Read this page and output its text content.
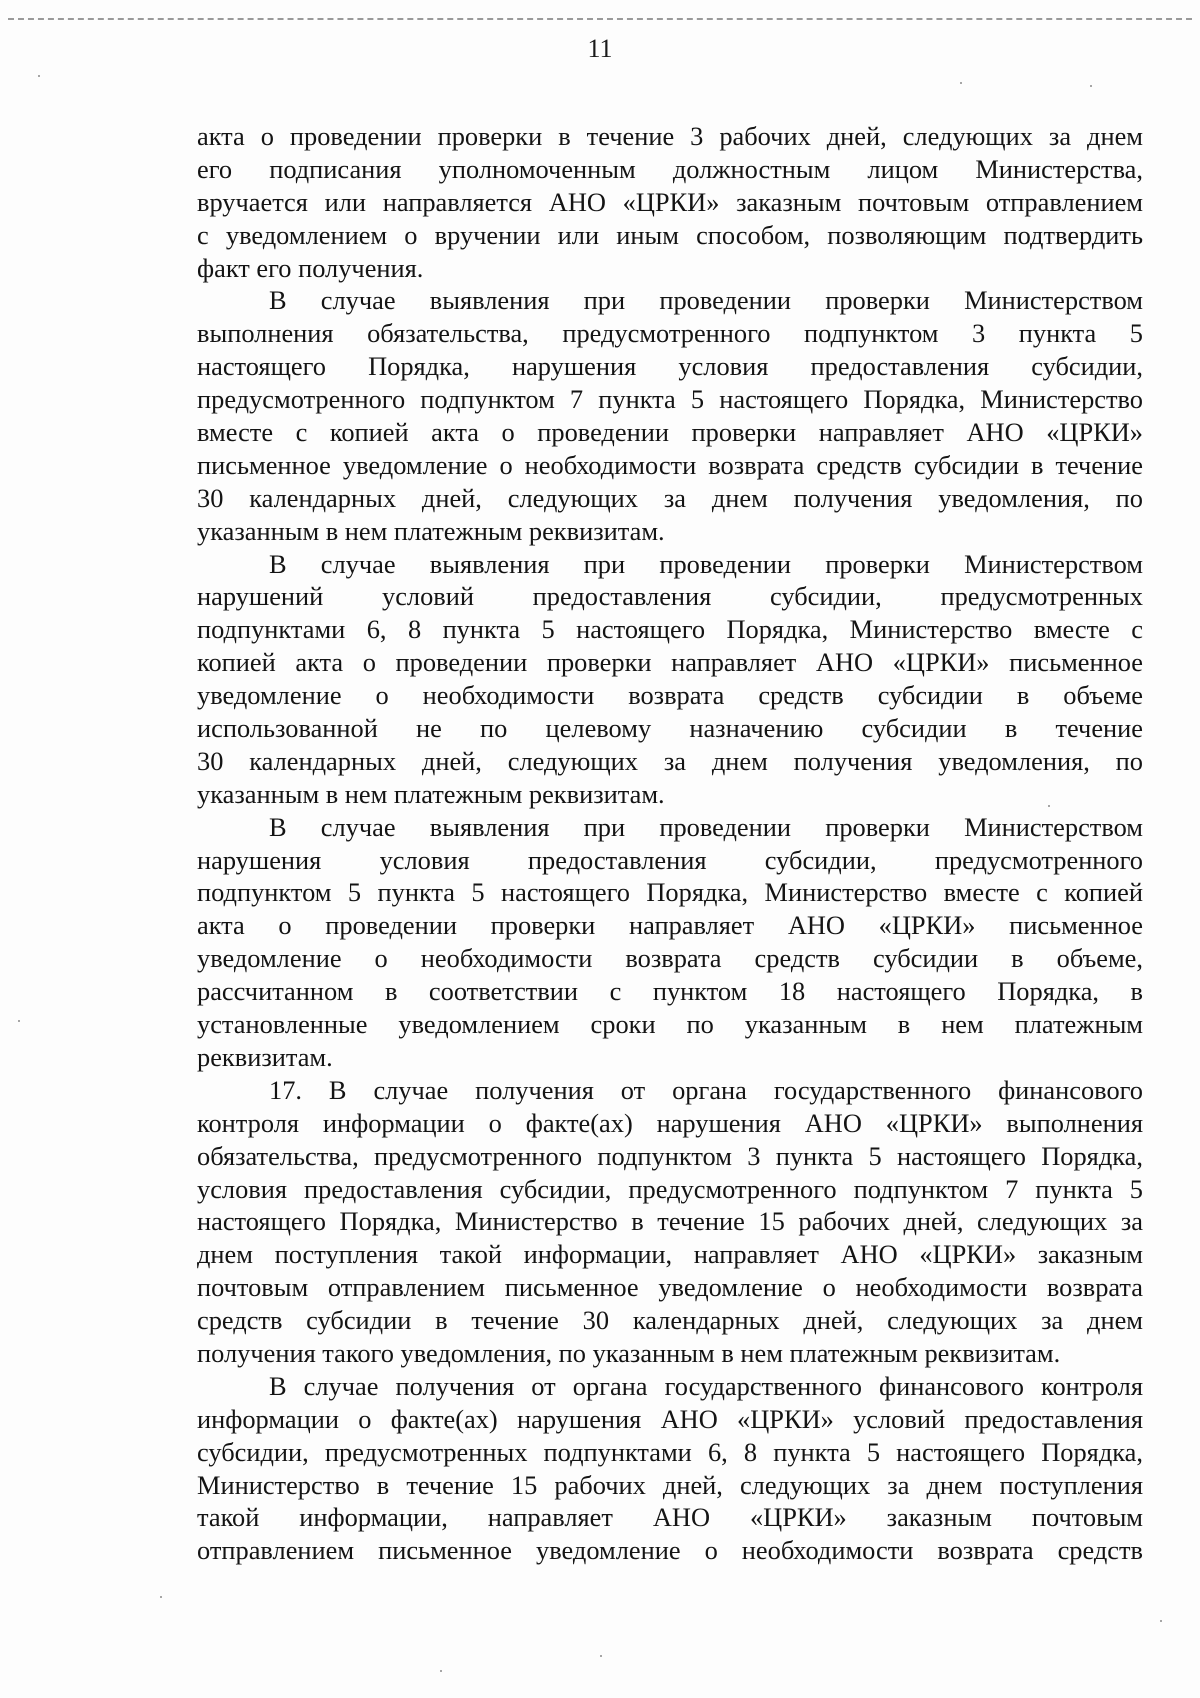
11
акта о проведении проверки в течение 3 рабочих дней, следующих за днем
его подписания уполномоченным должностным лицом Министерства,
вручается или направляется АНО «ЦРКИ» заказным почтовым отправлением
с уведомлением о вручении или иным способом, позволяющим подтвердить
факт его получения.
В случае выявления при проведении проверки Министерством
выполнения обязательства, предусмотренного подпунктом 3 пункта 5
настоящего Порядка, нарушения условия предоставления субсидии,
предусмотренного подпунктом 7 пункта 5 настоящего Порядка, Министерство
вместе с копией акта о проведении проверки направляет АНО «ЦРКИ»
письменное уведомление о необходимости возврата средств субсидии в течение
30 календарных дней, следующих за днем получения уведомления, по
указанным в нем платежным реквизитам.
В случае выявления при проведении проверки Министерством
нарушений условий предоставления субсидии, предусмотренных
подпунктами 6, 8 пункта 5 настоящего Порядка, Министерство вместе с
копией акта о проведении проверки направляет АНО «ЦРКИ» письменное
уведомление о необходимости возврата средств субсидии в объеме
использованной не по целевому назначению субсидии в течение
30 календарных дней, следующих за днем получения уведомления, по
указанным в нем платежным реквизитам.
В случае выявления при проведении проверки Министерством
нарушения условия предоставления субсидии, предусмотренного
подпунктом 5 пункта 5 настоящего Порядка, Министерство вместе с копией
акта о проведении проверки направляет АНО «ЦРКИ» письменное
уведомление о необходимости возврата средств субсидии в объеме,
рассчитанном в соответствии с пунктом 18 настоящего Порядка, в
установленные уведомлением сроки по указанным в нем платежным
реквизитам.
17. В случае получения от органа государственного финансового
контроля информации о факте(ах) нарушения АНО «ЦРКИ» выполнения
обязательства, предусмотренного подпунктом 3 пункта 5 настоящего Порядка,
условия предоставления субсидии, предусмотренного подпунктом 7 пункта 5
настоящего Порядка, Министерство в течение 15 рабочих дней, следующих за
днем поступления такой информации, направляет АНО «ЦРКИ» заказным
почтовым отправлением письменное уведомление о необходимости возврата
средств субсидии в течение 30 календарных дней, следующих за днем
получения такого уведомления, по указанным в нем платежным реквизитам.
В случае получения от органа государственного финансового контроля
информации о факте(ах) нарушения АНО «ЦРКИ» условий предоставления
субсидии, предусмотренных подпунктами 6, 8 пункта 5 настоящего Порядка,
Министерство в течение 15 рабочих дней, следующих за днем поступления
такой информации, направляет АНО «ЦРКИ» заказным почтовым
отправлением письменное уведомление о необходимости возврата средств
